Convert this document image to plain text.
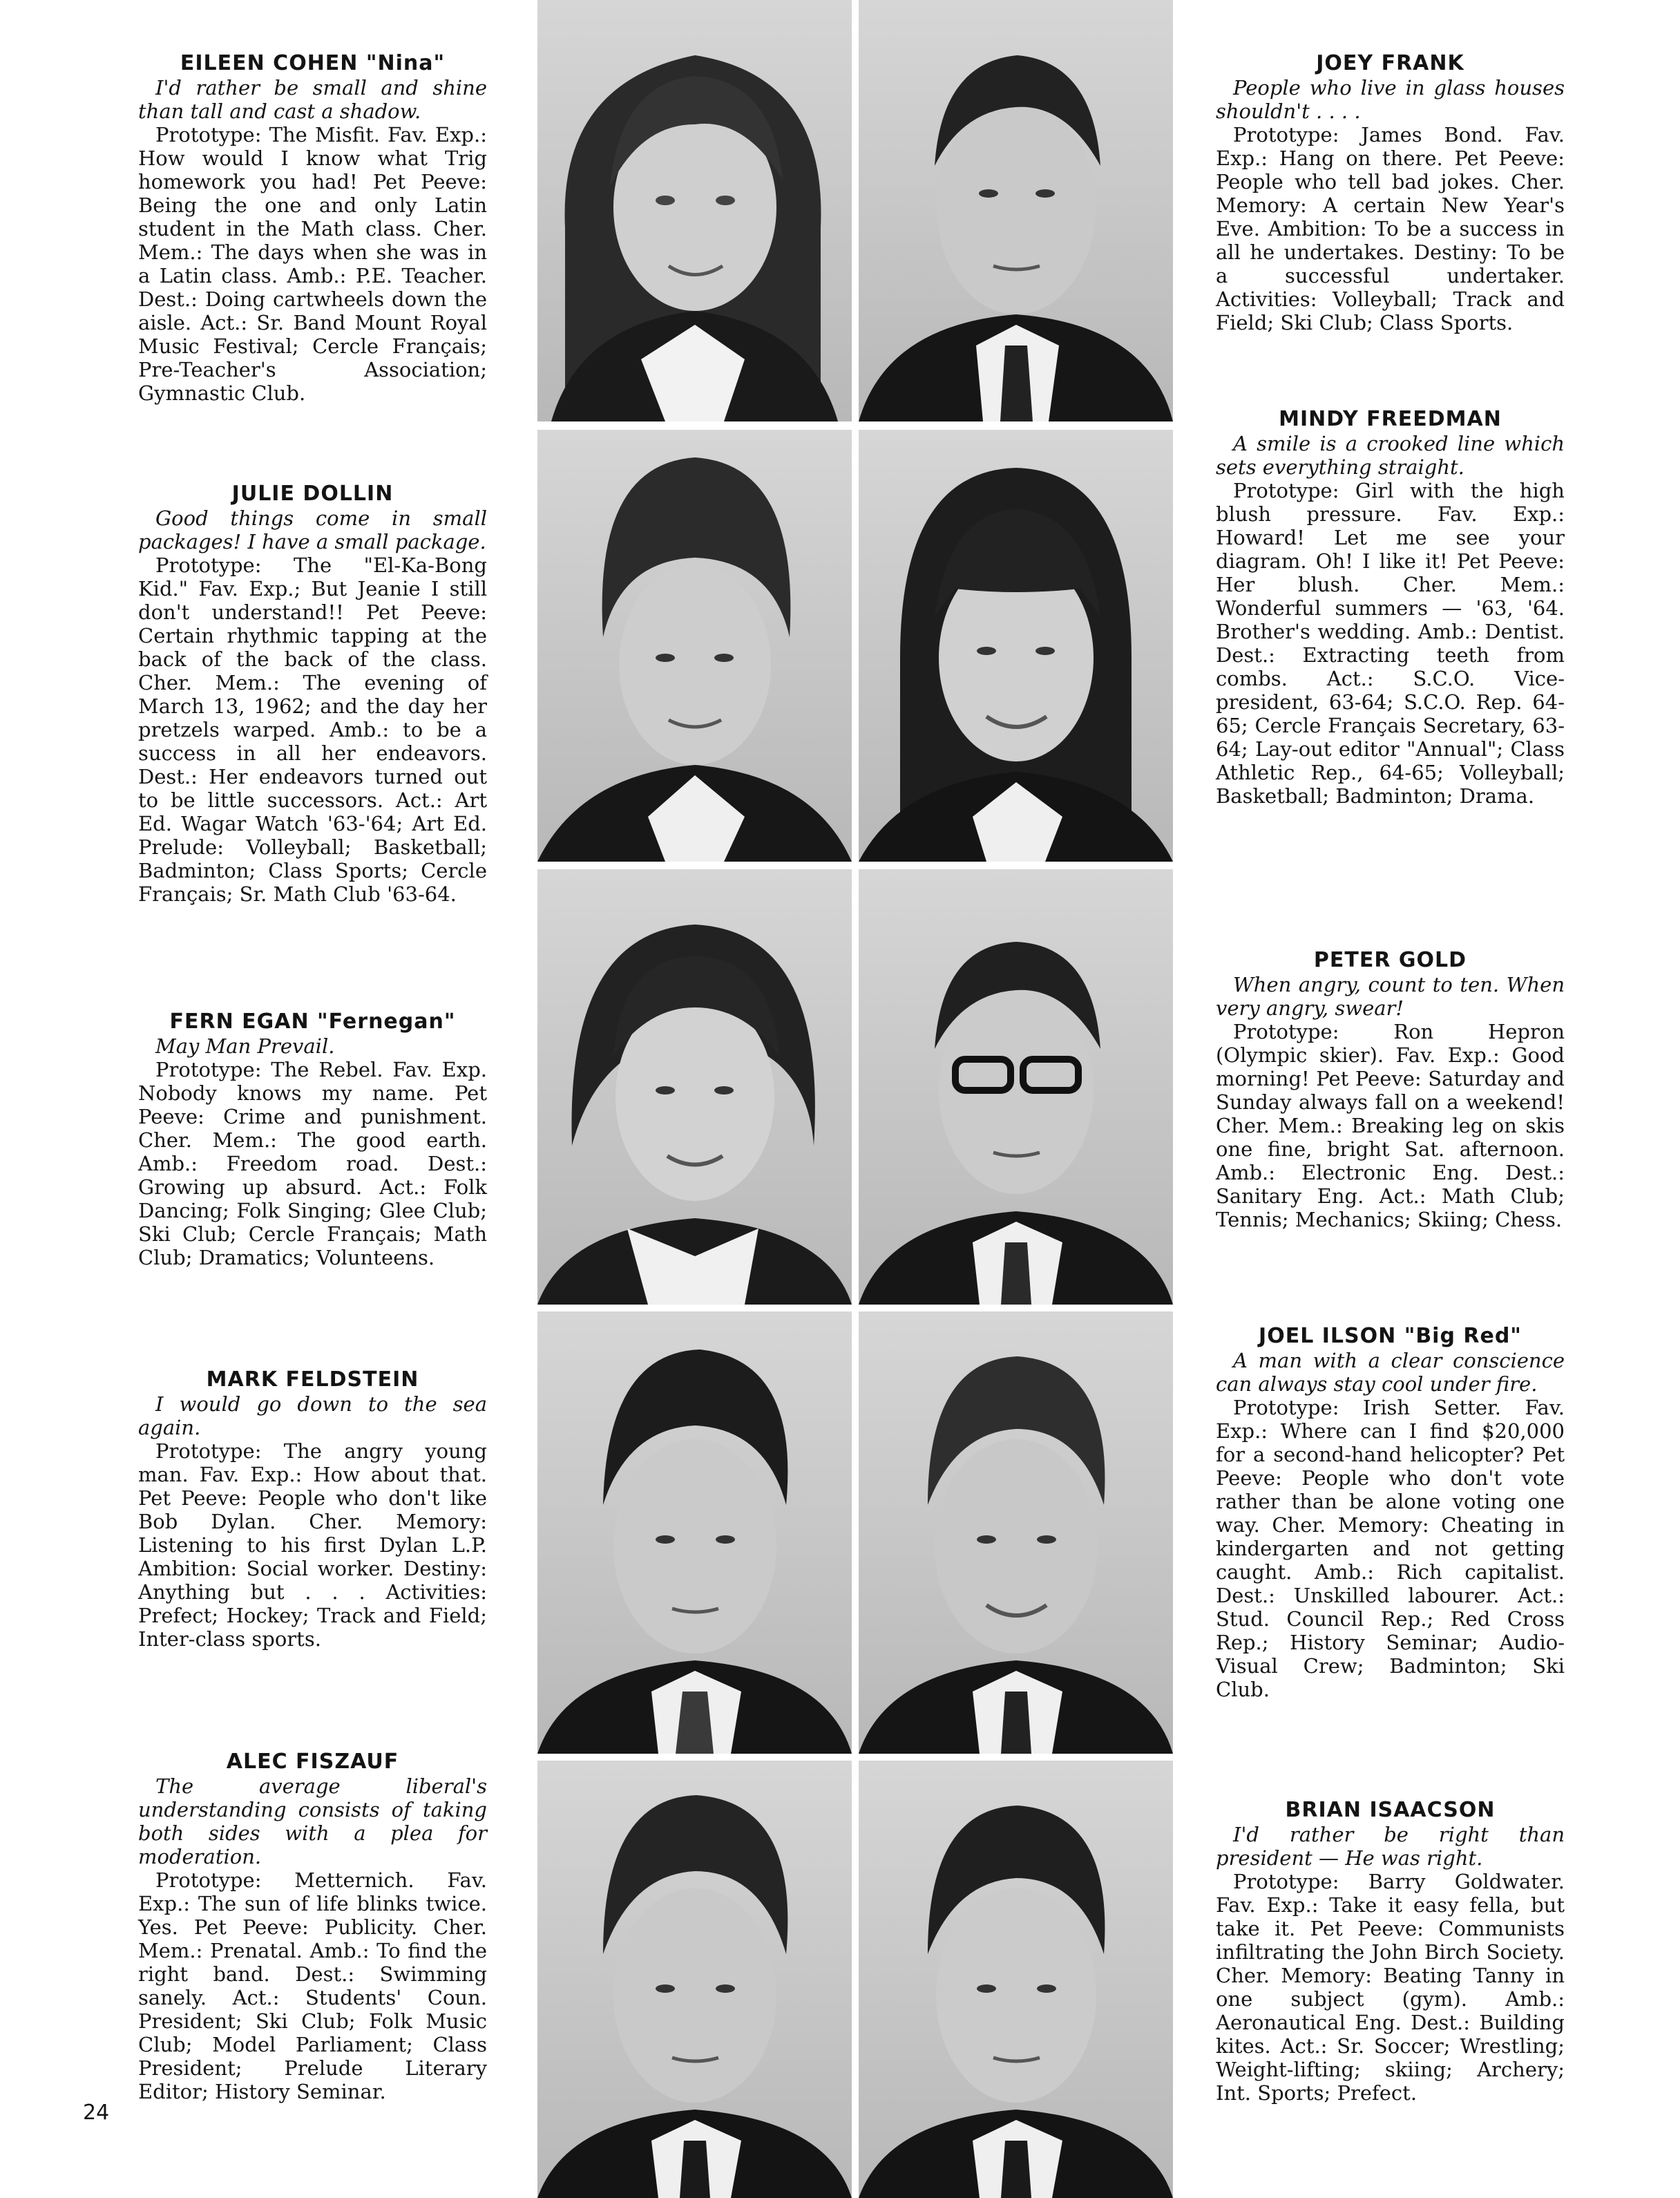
EILEEN COHEN "Nina"
I'd rather be small and shine than tall and cast a shadow.

Prototype: The Misfit. Fav. Exp.: How would I know what Trig homework you had! Pet Peeve: Being the one and only Latin student in the Math class. Cher. Mem.: The days when she was in a Latin class. Amb.: P.E. Teacher. Dest.: Doing cartwheels down the aisle. Act.: Sr. Band Mount Royal Music Festival; Cercle Français; Pre-Teacher's Association; Gymnastic Club.

JULIE DOLLIN
Good things come in small packages! I have a small package.

Prototype: The "El-Ka-Bong Kid." Fav. Exp.; But Jeanie I still don't understand!! Pet Peeve: Certain rhythmic tapping at the back of the back of the class. Cher. Mem.: The evening of March 13, 1962; and the day her pretzels warped. Amb.: to be a success in all her endeavors. Dest.: Her endeavors turned out to be little successors. Act.: Art Ed. Wagar Watch '63-'64; Art Ed. Prelude: Volleyball; Basketball; Badminton; Class Sports; Cercle Français; Sr. Math Club '63-64.

FERN EGAN "Fernegan"
May Man Prevail.

Prototype: The Rebel. Fav. Exp. Nobody knows my name. Pet Peeve: Crime and punishment. Cher. Mem.: The good earth. Amb.: Freedom road. Dest.: Growing up absurd. Act.: Folk Dancing; Folk Singing; Glee Club; Ski Club; Cercle Français; Math Club; Dramatics; Volunteens.

MARK FELDSTEIN
I would go down to the sea again.

Prototype: The angry young man. Fav. Exp.: How about that. Pet Peeve: People who don't like Bob Dylan. Cher. Memory: Listening to his first Dylan L.P. Ambition: Social worker. Destiny: Anything but . . . Activities: Prefect; Hockey; Track and Field; Inter-class sports.

ALEC FISZAUF
The average liberal's understanding consists of taking both sides with a plea for moderation.

Prototype: Metternich. Fav. Exp.: The sun of life blinks twice. Yes. Pet Peeve: Publicity. Cher. Mem.: Prenatal. Amb.: To find the right band. Dest.: Swimming sanely. Act.: Students' Coun. President; Ski Club; Folk Music Club; Model Parliament; Class President; Prelude Literary Editor; History Seminar.

JOEY FRANK
People who live in glass houses shouldn't . . . .

Prototype: James Bond. Fav. Exp.: Hang on there. Pet Peeve: People who tell bad jokes. Cher. Memory: A certain New Year's Eve. Ambition: To be a success in all he undertakes. Destiny: To be a successful undertaker. Activities: Volleyball; Track and Field; Ski Club; Class Sports.

MINDY FREEDMAN
A smile is a crooked line which sets everything straight.

Prototype: Girl with the high blush pressure. Fav. Exp.: Howard! Let me see your diagram. Oh! I like it! Pet Peeve: Her blush. Cher. Mem.: Wonderful summers — '63, '64. Brother's wedding. Amb.: Dentist. Dest.: Extracting teeth from combs. Act.: S.C.O. Vice-president, 63-64; S.C.O. Rep. 64-65; Cercle Français Secretary, 63-64; Lay-out editor "Annual"; Class Athletic Rep., 64-65; Volleyball; Basketball; Badminton; Drama.

PETER GOLD
When angry, count to ten. When very angry, swear!

Prototype: Ron Hepron (Olympic skier). Fav. Exp.: Good morning! Pet Peeve: Saturday and Sunday always fall on a weekend! Cher. Mem.: Breaking leg on skis one fine, bright Sat. afternoon. Amb.: Electronic Eng. Dest.: Sanitary Eng. Act.: Math Club; Tennis; Mechanics; Skiing; Chess.

JOEL ILSON "Big Red"
A man with a clear conscience can always stay cool under fire.

Prototype: Irish Setter. Fav. Exp.: Where can I find $20,000 for a second-hand helicopter? Pet Peeve: People who don't vote rather than be alone voting one way. Cher. Memory: Cheating in kindergarten and not getting caught. Amb.: Rich capitalist. Dest.: Unskilled labourer. Act.: Stud. Council Rep.; Red Cross Rep.; History Seminar; Audio-Visual Crew; Badminton; Ski Club.

BRIAN ISAACSON
I'd rather be right than president — He was right.

Prototype: Barry Goldwater. Fav. Exp.: Take it easy fella, but take it. Pet Peeve: Communists infiltrating the John Birch Society. Cher. Memory: Beating Tanny in one subject (gym). Amb.: Aeronautical Eng. Dest.: Building kites. Act.: Sr. Soccer; Wrestling; Weight-lifting; skiing; Archery; Int. Sports; Prefect.

24
